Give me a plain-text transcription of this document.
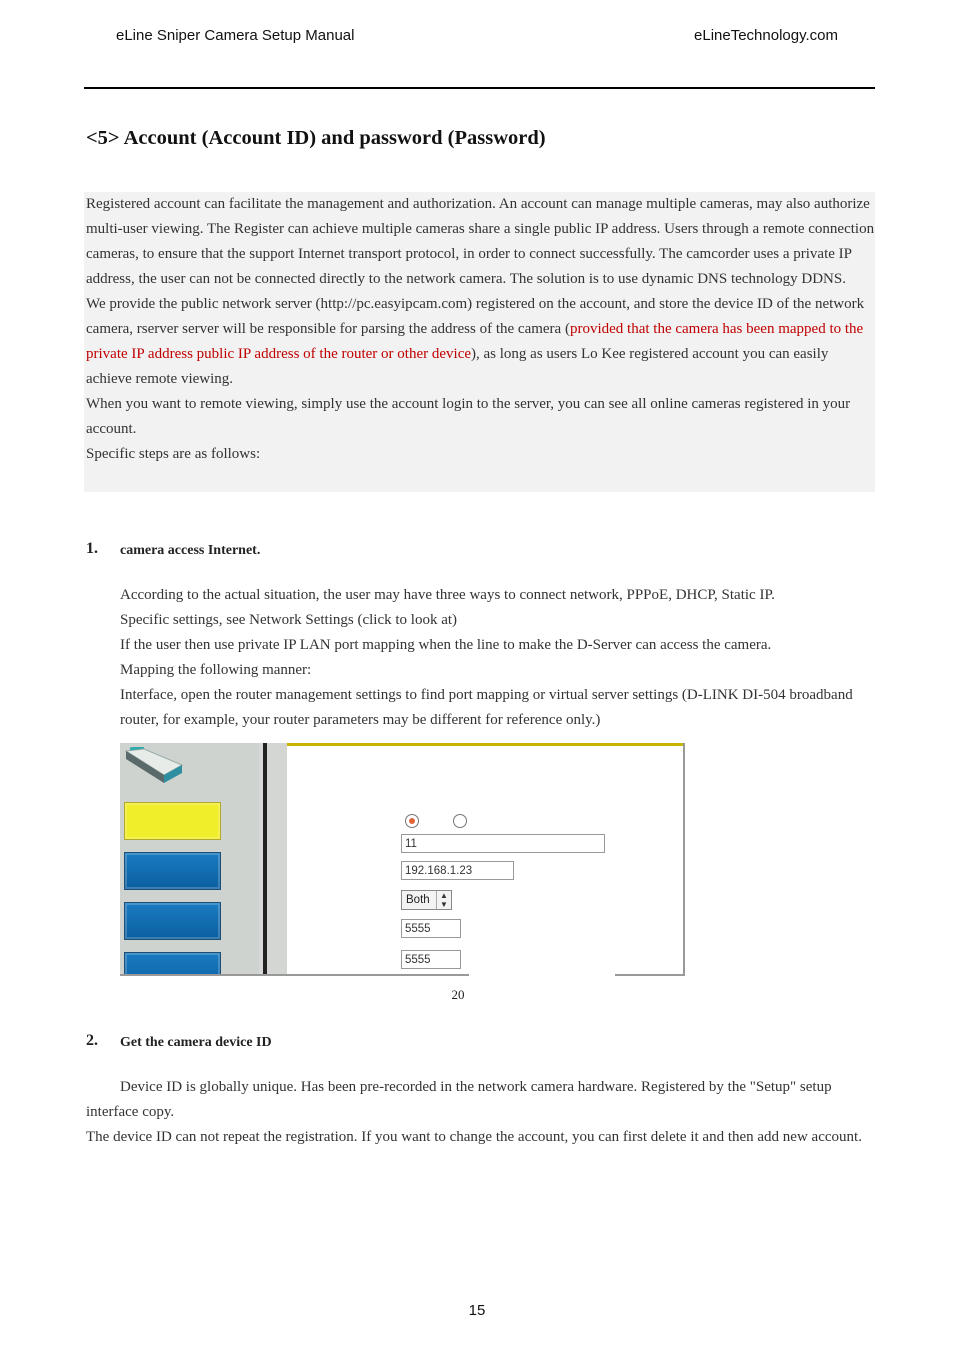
eLine Sniper Camera Setup Manual	eLineTechnology.com
<5> Account (Account ID) and password (Password)

Registered account can facilitate the management and authorization. An account can manage multiple cameras, may also authorize multi-user viewing. The Register can achieve multiple cameras share a single public IP address. Users through a remote connection cameras, to ensure that the support Internet transport protocol, in order to connect successfully. The camcorder uses a private IP address, the user can not be connected directly to the network camera. The solution is to use dynamic DNS technology DDNS.

We provide the public network server (http://pc.easyipcam.com) registered on the account, and store the device ID of the network camera, rserver server will be responsible for parsing the address of the camera (provided that the camera has been mapped to the private IP address public IP address of the router or other device), as long as users Lo Kee registered account you can easily achieve remote viewing.

When you want to remote viewing, simply use the account login to the server, you can see all online cameras registered in your account.

Specific steps are as follows:

1. camera access Internet.

According to the actual situation, the user may have three ways to connect network, PPPoE, DHCP, Static IP.

Specific settings, see Network Settings (click to look at)

If the user then use private IP LAN port mapping when the line to make the D-Server can access the camera.

Mapping the following manner:

Interface, open the router management settings to find port mapping or virtual server settings (D-LINK DI-504 broadband router, for example, your router parameters may be different for reference only.)

11
192.168.1.23
Both	▲
▼
5555
5555
20
2. Get the camera device ID

Device ID is globally unique. Has been pre-recorded in the network camera hardware. Registered by the "Setup" setup interface copy.

The device ID can not repeat the registration. If you want to change the account, you can first delete it and then add new account.

15
